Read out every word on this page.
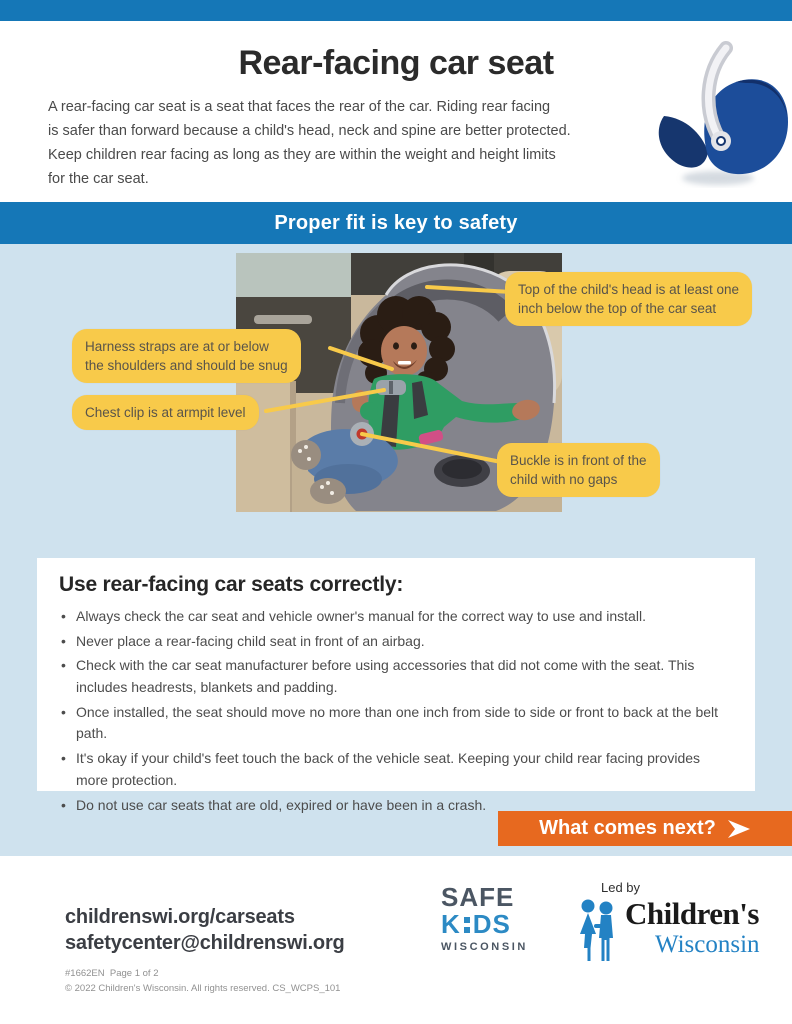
Rear-facing car seat
A rear-facing car seat is a seat that faces the rear of the car. Riding rear facing
is safer than forward because a child's head, neck and spine are better protected.
Keep children rear facing as long as they are within the weight and height limits
for the car seat.
Proper fit is key to safety
Top of the child's head is at least one
inch below the top of the car seat
Harness straps are at or below
the shoulders and should be snug
Chest clip is at armpit level
Buckle is in front of the
child with no gaps
Use rear-facing car seats correctly:
• Always check the car seat and vehicle owner's manual for the correct way to use and install.
• Never place a rear-facing child seat in front of an airbag.
• Check with the car seat manufacturer before using accessories that did not come with the seat. This includes headrests, blankets and padding.
• Once installed, the seat should move no more than one inch from side to side or front to back at the belt path.
• It's okay if your child's feet touch the back of the vehicle seat. Keeping your child rear facing provides more protection.
• Do not use car seats that are old, expired or have been in a crash.
What comes next?
childrenswi.org/carseats
safetycenter@childrenswi.org
#1662EN  Page 1 of 2
© 2022 Children's Wisconsin. All rights reserved. CS_WCPS_101
SAFE
K DS
WISCONSIN
Led by
Children's
Wisconsin
